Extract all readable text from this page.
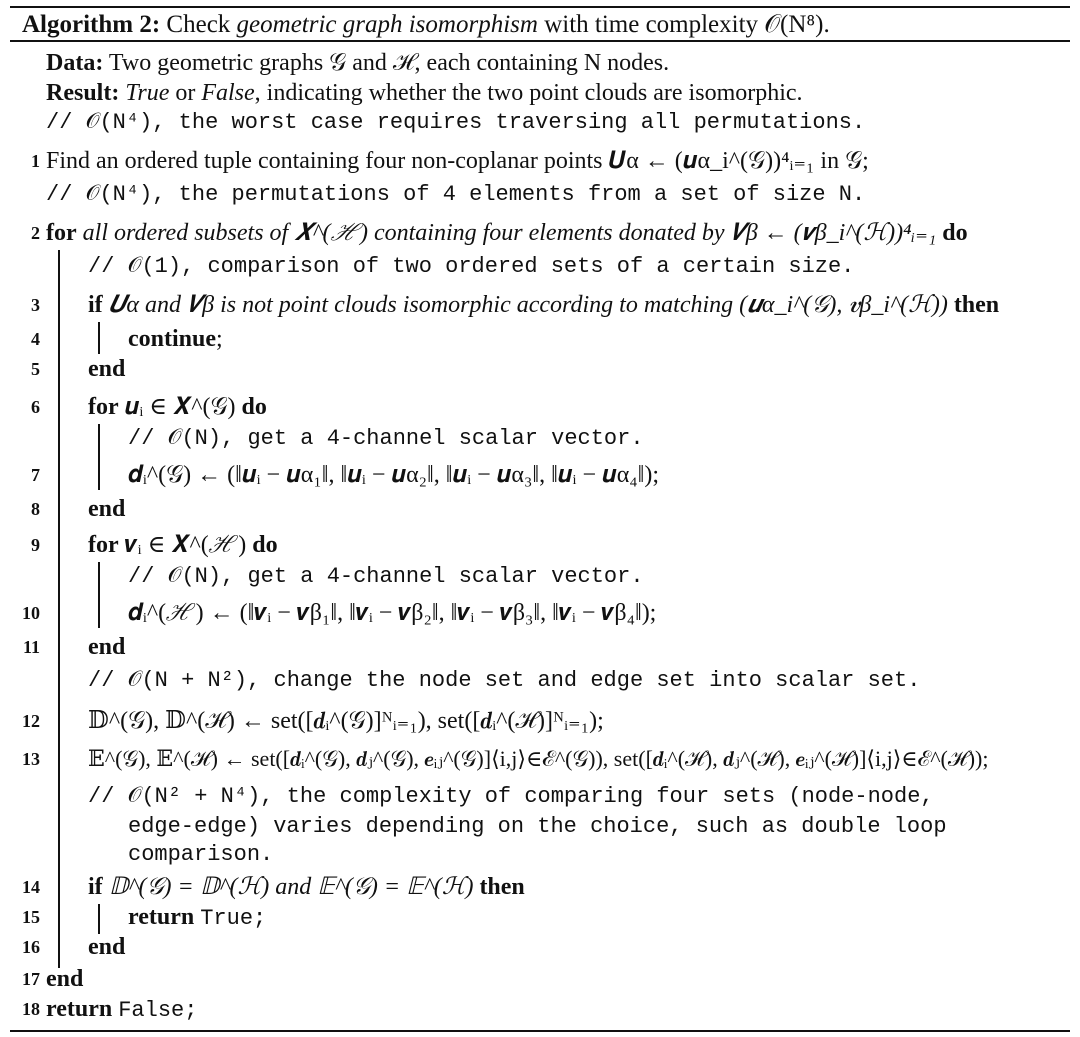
Algorithm 2: Check geometric graph isomorphism with time complexity 𝒪(N⁸).
Data: Two geometric graphs 𝒢 and ℋ, each containing N nodes.
Result: True or False, indicating whether the two point clouds are isomorphic.
// 𝒪(N⁴), the worst case requires traversing all permutations.
1 Find an ordered tuple containing four non-coplanar points 𝑼α ← (𝒖α_i^(𝒢))⁴ᵢ₌₁ in 𝒢;
// 𝒪(N⁴), the permutations of 4 elements from a set of size N.
2 for all ordered subsets of 𝑿^(ℋ) containing four elements donated by 𝑽β ← (𝒗β_i^(ℋ))⁴ᵢ₌₁ do
// 𝒪(1), comparison of two ordered sets of a certain size.
3 if 𝑼α and 𝑽β is not point clouds isomorphic according to matching (𝒖α_i^(𝒢), 𝒗β_i^(ℋ)) then
4	continue;
5 end
6 for 𝒖ᵢ ∈ 𝑿^(𝒢) do
// 𝒪(N), get a 4-channel scalar vector.
7	𝒅ᵢ^(𝒢) ← (‖𝒖ᵢ − 𝒖α₁‖, ‖𝒖ᵢ − 𝒖α₂‖, ‖𝒖ᵢ − 𝒖α₃‖, ‖𝒖ᵢ − 𝒖α₄‖);
8 end
9 for 𝒗ᵢ ∈ 𝑿^(ℋ) do
// 𝒪(N), get a 4-channel scalar vector.
10	𝒅ᵢ^(ℋ) ← (‖𝒗ᵢ − 𝒗β₁‖, ‖𝒗ᵢ − 𝒗β₂‖, ‖𝒗ᵢ − 𝒗β₃‖, ‖𝒗ᵢ − 𝒗β₄‖);
11 end
// 𝒪(N + N²), change the node set and edge set into scalar set.
12 𝔻^(𝒢), 𝔻^(ℋ) ← set([𝒅ᵢ^(𝒢)]ᴺᵢ₌₁), set([𝒅ᵢ^(ℋ)]ᴺᵢ₌₁);
13 𝔼^(𝒢), 𝔼^(ℋ) ← set([𝒅ᵢ^(𝒢), 𝒅ⱼ^(𝒢), 𝒆ᵢⱼ^(𝒢)]⟨i,j⟩∈ℰ^(𝒢)), set([𝒅ᵢ^(ℋ), 𝒅ⱼ^(ℋ), 𝒆ᵢⱼ^(ℋ)]⟨i,j⟩∈ℰ^(ℋ));
// 𝒪(N² + N⁴), the complexity of comparing four sets (node-node,
edge-edge) varies depending on the choice, such as double loop
comparison.
14 if 𝔻^(𝒢) = 𝔻^(ℋ) and 𝔼^(𝒢) = 𝔼^(ℋ) then
15	return True;
16 end
17 end
18 return False;
